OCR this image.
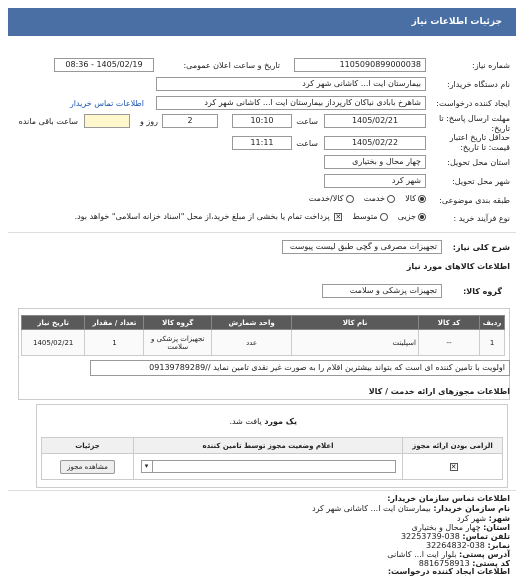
جزئیات اطلاعات نیاز
شماره نیاز:
1105090899000038
تاریخ و ساعت اعلان عمومی:
1405/02/19 - 08:36
نام دستگاه خریدار:
بیمارستان ایت ا... کاشانی شهر کرد
ایجاد کننده درخواست:
شاهرخ بابادی نیاکان کارپرداز بیمارستان ایت ا... کاشانی شهر کرد
اطلاعات تماس خریدار
مهلت ارسال پاسخ: تا تاریخ:
1405/02/21
ساعت
10:10
2
روز و
ساعت باقی مانده
حداقل تاریخ اعتبار قیمت: تا تاریخ:
1405/02/22
ساعت
11:11
استان محل تحویل:
چهار محال و بختیاری
شهر محل تحویل:
شهر کرد
طبقه بندی موضوعی:
کالا    خدمت    کالا/خدمت
نوع فرآیند خرید :
جزیی    متوسط    ✕ پرداخت تمام یا بخشی از مبلغ خرید،از محل "اسناد خزانه اسلامی" خواهد بود.
شرح کلی نیاز:
تجهیزات مصرفی و گچی طبق لیست پیوست
اطلاعات کالاهای مورد نیاز
گروه کالا:
تجهیزات پزشکی و سلامت
ردیف	کد کالا	نام کالا	واحد شمارش	گروه کالا	تعداد / مقدار	تاریخ نیاز
1	--	اسپلینت	عدد	تجهیزات پزشکی و سلامت	1	1405/02/21
اولویت با تامین کننده ای است که بتواند بیشترین اقلام را به صورت غیر نقدی تامین نماید //09139789289
اطلاعات مجوزهای ارائه خدمت / کالا
یک مورد یافت شد.
الزامی بودن ارائه مجوز	اعلام وضعیت مجوز توسط تامین کننده	جزئیات
✕	▾	مشاهده مجوز
اطلاعات تماس سازمان خریدار:
نام سازمان خریدار: بیمارستان ایت ا... کاشانی شهر کرد
شهر: شهر کرد
استان: چهار محال و بختیاری
تلفن تماس: 038-32253739
نمابر: 038-32264832
آدرس پستی: بلوار ایت ا... کاشانی
کد پستی: 8816758913
اطلاعات ایجاد کننده درخواست:
